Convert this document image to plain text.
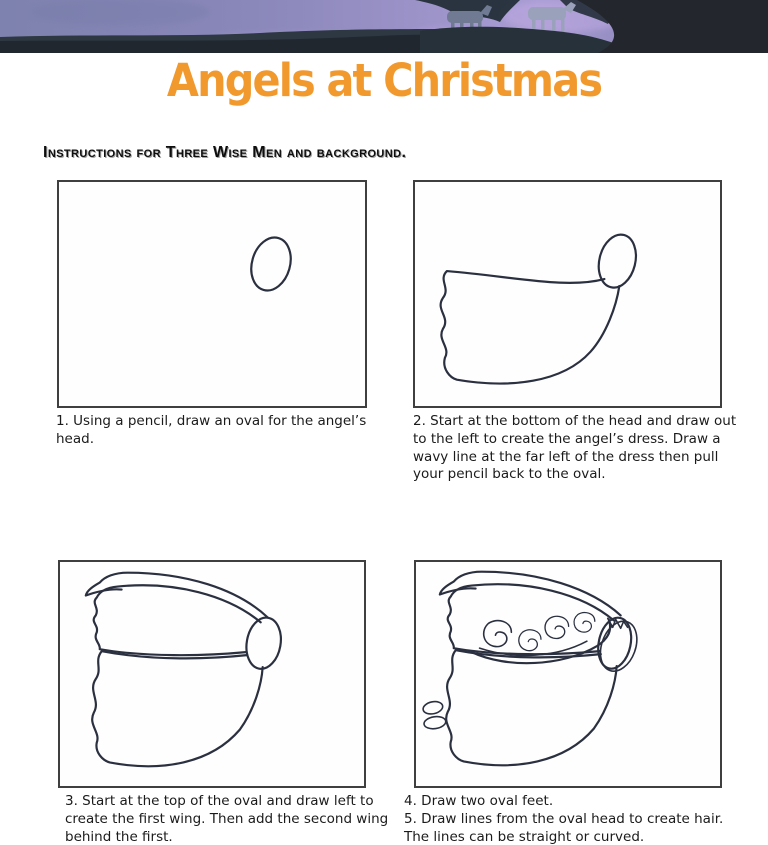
Angels at Christmas
Instructions for Three Wise Men and background.

1. Using a pencil, draw an oval for the angel’s head.

2. Start at the bottom of the head and draw out to the left to create the angel’s dress. Draw a wavy line at the far left of the dress then pull your pencil back to the oval.

3. Start at the top of the oval and draw left to create the first wing. Then add the second wing behind the first.

4. Draw two oval feet.

5. Draw lines from the oval head to create hair. The lines can be straight or curved.
